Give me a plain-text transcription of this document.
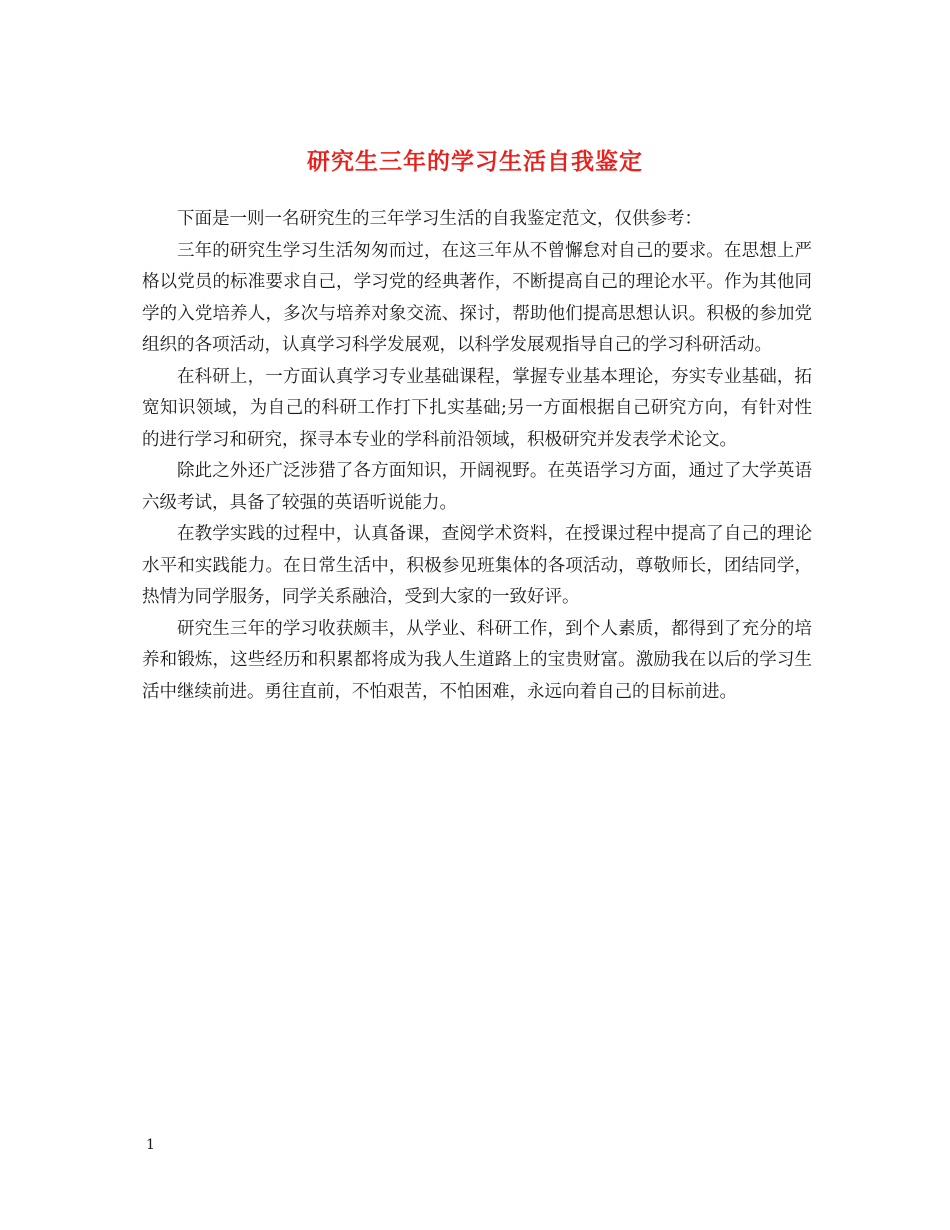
研究生三年的学习生活自我鉴定

下面是一则一名研究生的三年学习生活的自我鉴定范文，仅供参考：

三年的研究生学习生活匆匆而过，在这三年从不曾懈怠对自己的要求。在思想上严格以党员的标准要求自己，学习党的经典著作，不断提高自己的理论水平。作为其他同学的入党培养人，多次与培养对象交流、探讨，帮助他们提高思想认识。积极的参加党组织的各项活动，认真学习科学发展观，以科学发展观指导自己的学习科研活动。

在科研上，一方面认真学习专业基础课程，掌握专业基本理论，夯实专业基础，拓宽知识领域，为自己的科研工作打下扎实基础;另一方面根据自己研究方向，有针对性的进行学习和研究，探寻本专业的学科前沿领域，积极研究并发表学术论文。

除此之外还广泛涉猎了各方面知识，开阔视野。在英语学习方面，通过了大学英语六级考试，具备了较强的英语听说能力。

在教学实践的过程中，认真备课，查阅学术资料，在授课过程中提高了自己的理论水平和实践能力。在日常生活中，积极参见班集体的各项活动，尊敬师长，团结同学，热情为同学服务，同学关系融洽，受到大家的一致好评。

研究生三年的学习收获颇丰，从学业、科研工作，到个人素质，都得到了充分的培养和锻炼，这些经历和积累都将成为我人生道路上的宝贵财富。激励我在以后的学习生活中继续前进。勇往直前，不怕艰苦，不怕困难，永远向着自己的目标前进。

1
